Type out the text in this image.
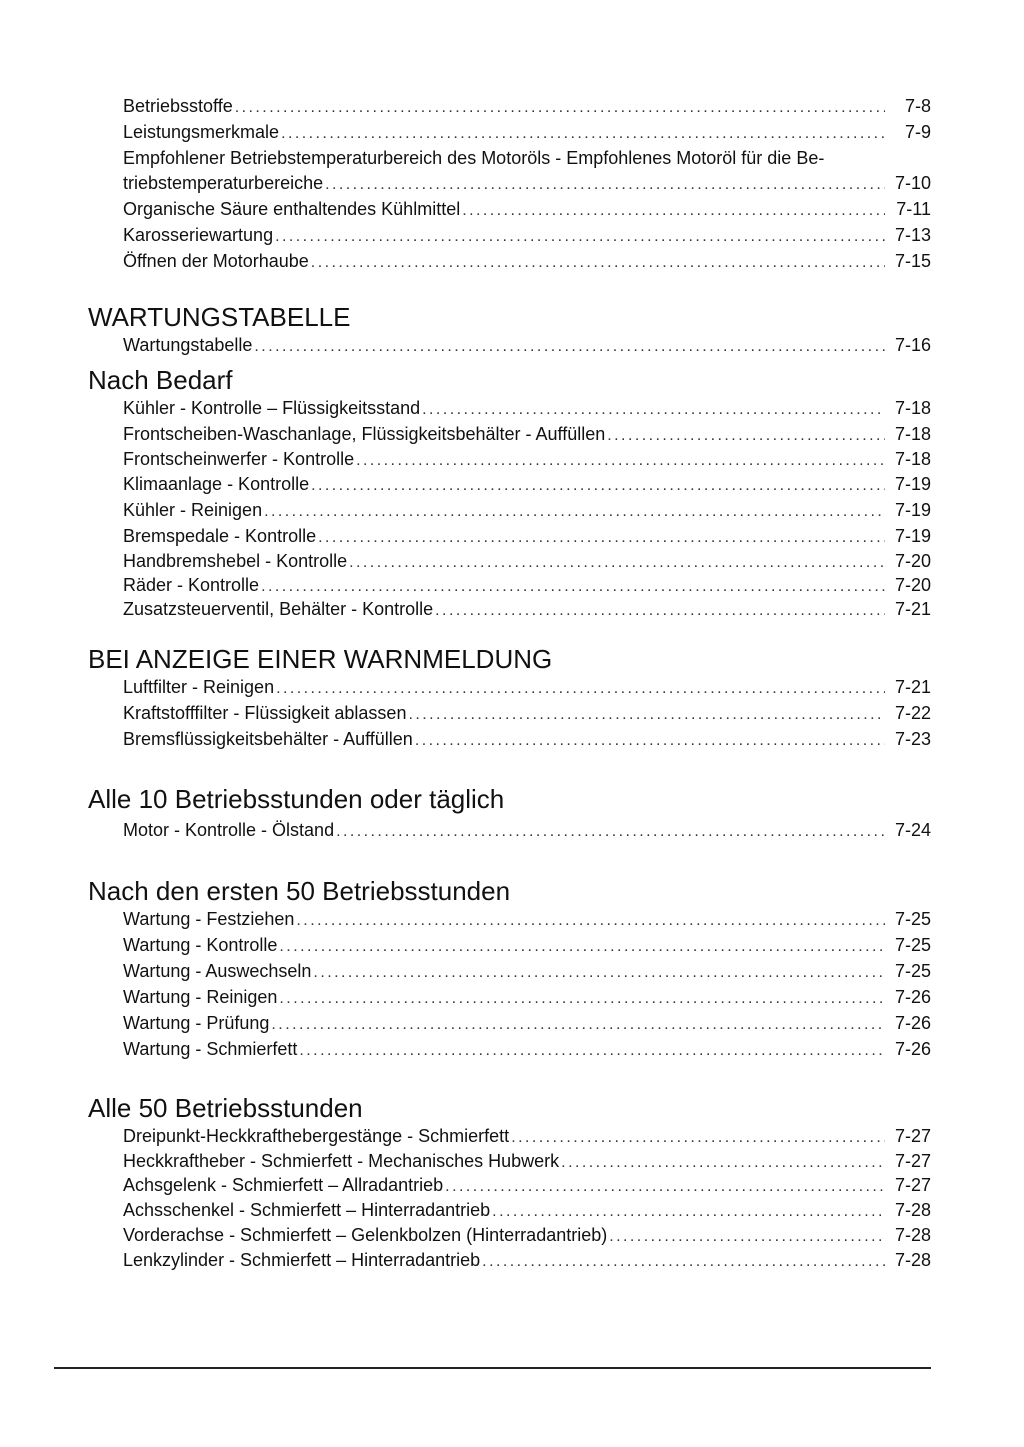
Betriebsstoffe . . .	7-8
Leistungsmerkmale . . .	7-9
Empfohlener Betriebstemperaturbereich des Motoröls - Empfohlenes Motoröl für die Be-
triebstemperaturbereiche . . .	7-10
Organische Säure enthaltendes Kühlmittel . . .	7-11
Karosseriewartung . . .	7-13
Öffnen der Motorhaube . . .	7-15
WARTUNGSTABELLE
Wartungstabelle . . .	7-16
Nach Bedarf
Kühler - Kontrolle – Flüssigkeitsstand . . .	7-18
Frontscheiben-Waschanlage, Flüssigkeitsbehälter - Auffüllen . . .	7-18
Frontscheinwerfer - Kontrolle . . .	7-18
Klimaanlage - Kontrolle . . .	7-19
Kühler - Reinigen . . .	7-19
Bremspedale - Kontrolle . . .	7-19
Handbremshebel - Kontrolle . . .	7-20
Räder - Kontrolle . . .	7-20
Zusatzsteuerventil, Behälter - Kontrolle . . .	7-21
BEI ANZEIGE EINER WARNMELDUNG
Luftfilter - Reinigen . . .	7-21
Kraftstofffilter - Flüssigkeit ablassen . . .	7-22
Bremsflüssigkeitsbehälter - Auffüllen . . .	7-23
Alle 10 Betriebsstunden oder täglich
Motor - Kontrolle - Ölstand . . .	7-24
Nach den ersten 50 Betriebsstunden
Wartung - Festziehen . . .	7-25
Wartung - Kontrolle . . .	7-25
Wartung - Auswechseln . . .	7-25
Wartung - Reinigen . . .	7-26
Wartung - Prüfung . . .	7-26
Wartung - Schmierfett . . .	7-26
Alle 50 Betriebsstunden
Dreipunkt-Heckkrafthebergestänge - Schmierfett . . .	7-27
Heckkraftheber - Schmierfett - Mechanisches Hubwerk . . .	7-27
Achsgelenk - Schmierfett – Allradantrieb . . .	7-27
Achsschenkel - Schmierfett – Hinterradantrieb . . .	7-28
Vorderachse - Schmierfett – Gelenkbolzen (Hinterradantrieb) . . .	7-28
Lenkzylinder - Schmierfett – Hinterradantrieb . . .	7-28
